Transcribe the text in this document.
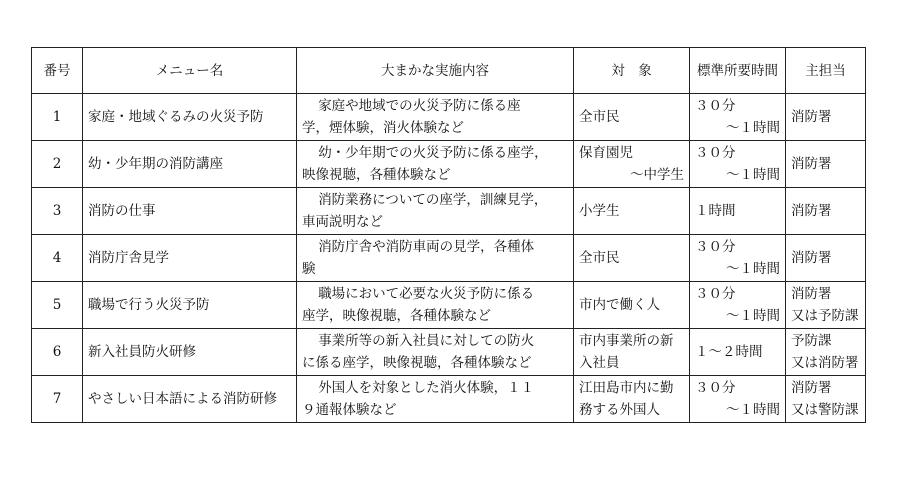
番号	メニュー名	大まかな実施内容	対　象	標準所要時間	主担当
1	家庭・地域ぐるみの火災予防	家庭や地域での火災予防に係る座
学，煙体験，消火体験など	全市民	３０分
～１時間	消防署

2	幼・少年期の消防講座	幼・少年期での火災予防に係る座学，
映像視聴，各種体験など	保育園児
～中学生	３０分
～１時間	消防署

3	消防の仕事	消防業務についての座学，訓練見学，
車両説明など	小学生	１時間	消防署

4	消防庁舎見学	消防庁舎や消防車両の見学，各種体
験	全市民	３０分
～１時間	消防署

5	職場で行う火災予防	職場において必要な火災予防に係る
座学，映像視聴，各種体験など	市内で働く人	３０分
～１時間	消防署
又は予防課

6	新入社員防火研修	事業所等の新入社員に対しての防火
に係る座学，映像視聴，各種体験など	市内事業所の新
入社員	１～２時間	予防課
又は消防署

7	やさしい日本語による消防研修	外国人を対象とした消火体験，１１
９通報体験など	江田島市内に勤
務する外国人	３０分
～１時間	消防署
又は警防課
